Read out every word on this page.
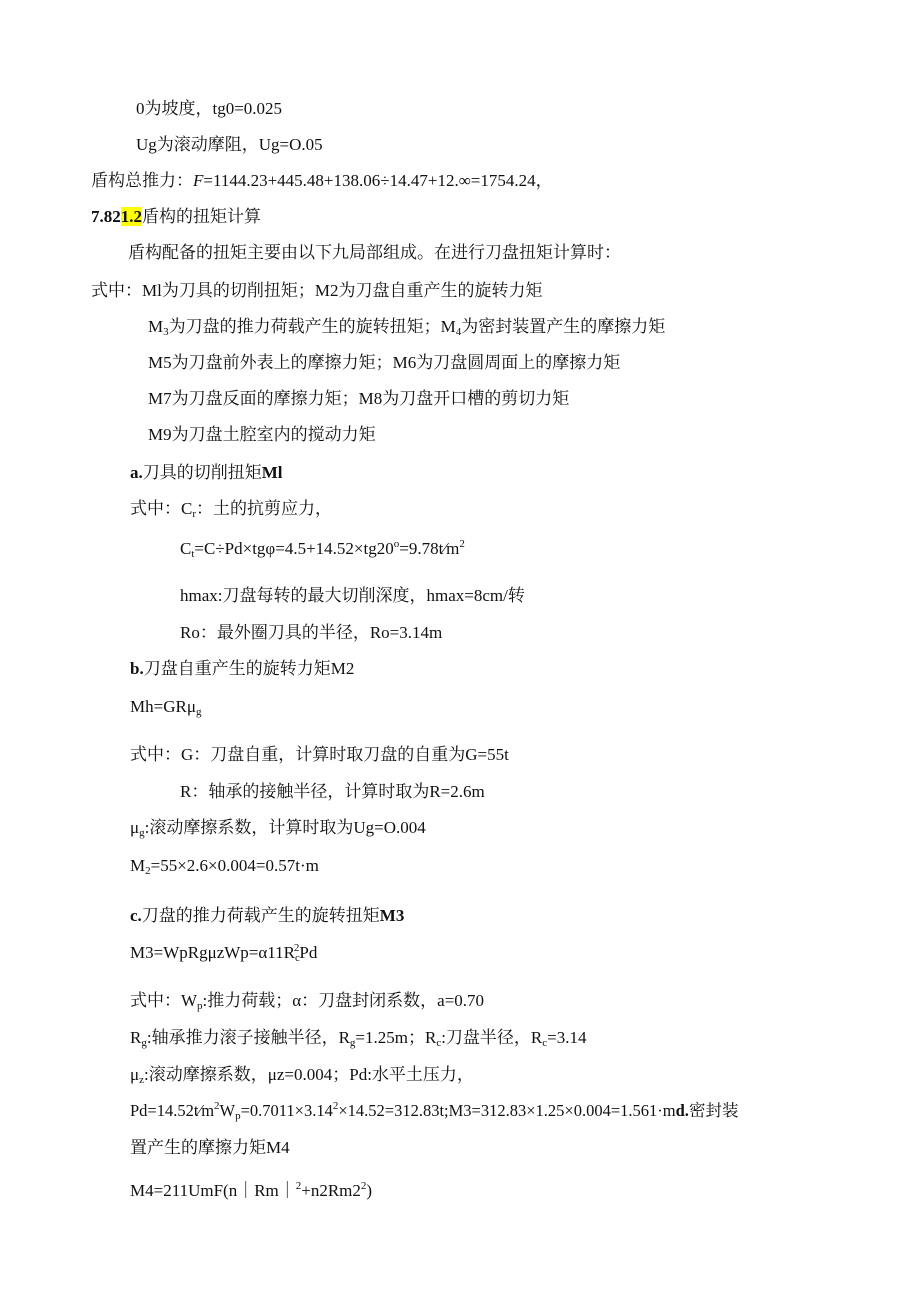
0为坡度，tg0=0.025
Ug为滚动摩阻，Ug=O.05
盾构总推力：F=1144.23+445.48+138.06÷14.47+12.∞=1754.24，
7.821.2盾构的扭矩计算
盾构配备的扭矩主要由以下九局部组成。在进行刀盘扭矩计算时：
式中：Ml为刀具的切削扭矩；M2为刀盘自重产生的旋转力矩
$M_3$为刀盘的推力荷载产生的旋转扭矩；$M_4$为密封装置产生的摩擦力矩
M5为刀盘前外表上的摩擦力矩；M6为刀盘圆周面上的摩擦力矩
M7为刀盘反面的摩擦力矩；M8为刀盘开口槽的剪切力矩
M9为刀盘土腔室内的搅动力矩
a.刀具的切削扭矩Ml
式中：$C_r$：土的抗剪应力，
$C_t=C\div Pd\times tg\varphi=4.5+14.52\times tg20^o=9.78t⁄m^2$
hmax:刀盘每转的最大切削深度，hmax=8cm/转
Ro：最外圈刀具的半径，Ro=3.14m
b.刀盘自重产生的旋转力矩M2
Mh=GRμ$_g$
式中：G：刀盘自重，计算时取刀盘的自重为G=55t
R：轴承的接触半径，计算时取为R=2.6m
$\mu_g$:滚动摩擦系数，计算时取为Ug=O.004
$M_2=55\times 2.6\times 0.004=0.57t\cdot m$
c.刀盘的推力荷载产生的旋转扭矩M3
$M3=WpRg\mu zWp=\alpha 11R_c^2Pd$
式中：$W_p$:推力荷载；α：刀盘封闭系数，a=0.70
$R_g$:轴承推力滚子接触半径，$R_g=1.25m$；$R_c$:刀盘半径，$R_c=3.14$
$\mu_z$:滚动摩擦系数，μz=0.004；Pd:水平土压力，
$Pd=14.52t⁄m^2W_p=0.7011\times 3.14^2\times 14.52=312.83t;M3=312.83\times 1.25\times 0.004=1.561\cdot md$.密封装
置产生的摩擦力矩M4
$M4=211UmF(n|Rm|^2+n2Rm2^2)$
